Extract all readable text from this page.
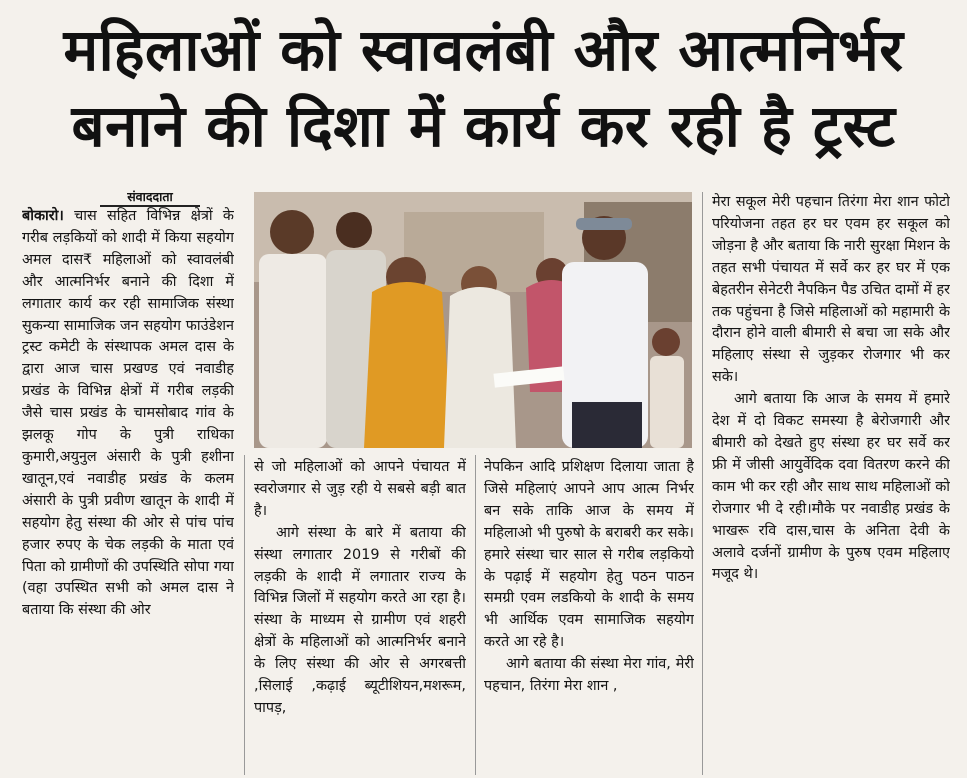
महिलाओं को स्वावलंबी और आत्मनिर्भर
बनाने की दिशा में कार्य कर रही है ट्रस्ट
संवाददाता

बोकारो। चास सहित विभिन्न क्षेत्रों के गरीब लड़कियों को शादी में किया सहयोग अमल दास₹ महिलाओं को स्वावलंबी और आत्मनिर्भर बनाने की दिशा में लगातार कार्य कर रही सामाजिक संस्था सुकन्या सामाजिक जन सहयोग फाउंडेशन ट्रस्ट कमेटी के संस्थापक अमल दास के द्वारा आज चास प्रखण्ड एवं नवाडीह प्रखंड के विभिन्न क्षेत्रों में गरीब लड़की जैसे चास प्रखंड के चामसोबाद गांव के झलकू गोप के पुत्री राधिका कुमारी,अयुनुल अंसारी के पुत्री हशीना खातून,एवं नवाडीह प्रखंड के कलम अंसारी के पुत्री प्रवीण खातून के शादी में सहयोग हेतु संस्था की ओर से पांच पांच हजार रुपए के चेक लड़की के माता एवं पिता को ग्रामीणों की उपस्थिति सोपा गया (वहा उपस्थित सभी को अमल दास ने बताया कि संस्था की ओर

से जो महिलाओं को आपने पंचायत में स्वरोजगार से जुड़ रही ये सबसे बड़ी बात है।

आगे संस्था के बारे में बताया की संस्था लगातार 2019 से गरीबों की लड़की के शादी में लगातार राज्य के विभिन्न जिलों में सहयोग करते आ रहा है। संस्था के माध्यम से ग्रामीण एवं शहरी क्षेत्रों के महिलाओं को आत्मनिर्भर बनाने के लिए संस्था की ओर से अगरबत्ती ,सिलाई ,कढ़ाई ब्यूटीशियन,मशरूम, पापड़,

नेपकिन आदि प्रशिक्षण दिलाया जाता है जिसे महिलाएं आपने आप आत्म निर्भर बन सके ताकि आज के समय में महिलाओ भी पुरुषो के बराबरी कर सके। हमारे संस्था चार साल से गरीब लड़कियो के पढ़ाई में सहयोग हेतु पठन पाठन समग्री एवम लडकियो के शादी के समय भी आर्थिक एवम सामाजिक सहयोग करते आ रहे है।

आगे बताया की संस्था मेरा गांव, मेरी पहचान, तिरंगा मेरा शान ,

मेरा सकूल मेरी पहचान तिरंगा मेरा शान फोटो परियोजना तहत हर घर एवम हर सकूल को जोड़ना है और बताया कि नारी सुरक्षा मिशन के तहत सभी पंचायत में सर्वे कर हर घर में एक बेहतरीन सेनेटरी नैपकिन पैड उचित दामों में हर तक पहुंचना है जिसे महिलाओं को महामारी के दौरान होने वाली बीमारी से बचा जा सके और महिलाए संस्था से जुड़कर रोजगार भी कर सके।

आगे बताया कि आज के समय में हमारे देश में दो विकट समस्या है बेरोजगारी और बीमारी को देखते हुए संस्था हर घर सर्वे कर फ्री में जीसी आयुर्वेदिक दवा वितरण करने की काम भी कर रही और साथ साथ महिलाओं को रोजगार भी दे रही।मौके पर नवाडीह प्रखंड के भाखरू रवि दास,चास के अनिता देवी के अलावे दर्जनों ग्रामीण के पुरुष एवम महिलाए मजूद थे।
